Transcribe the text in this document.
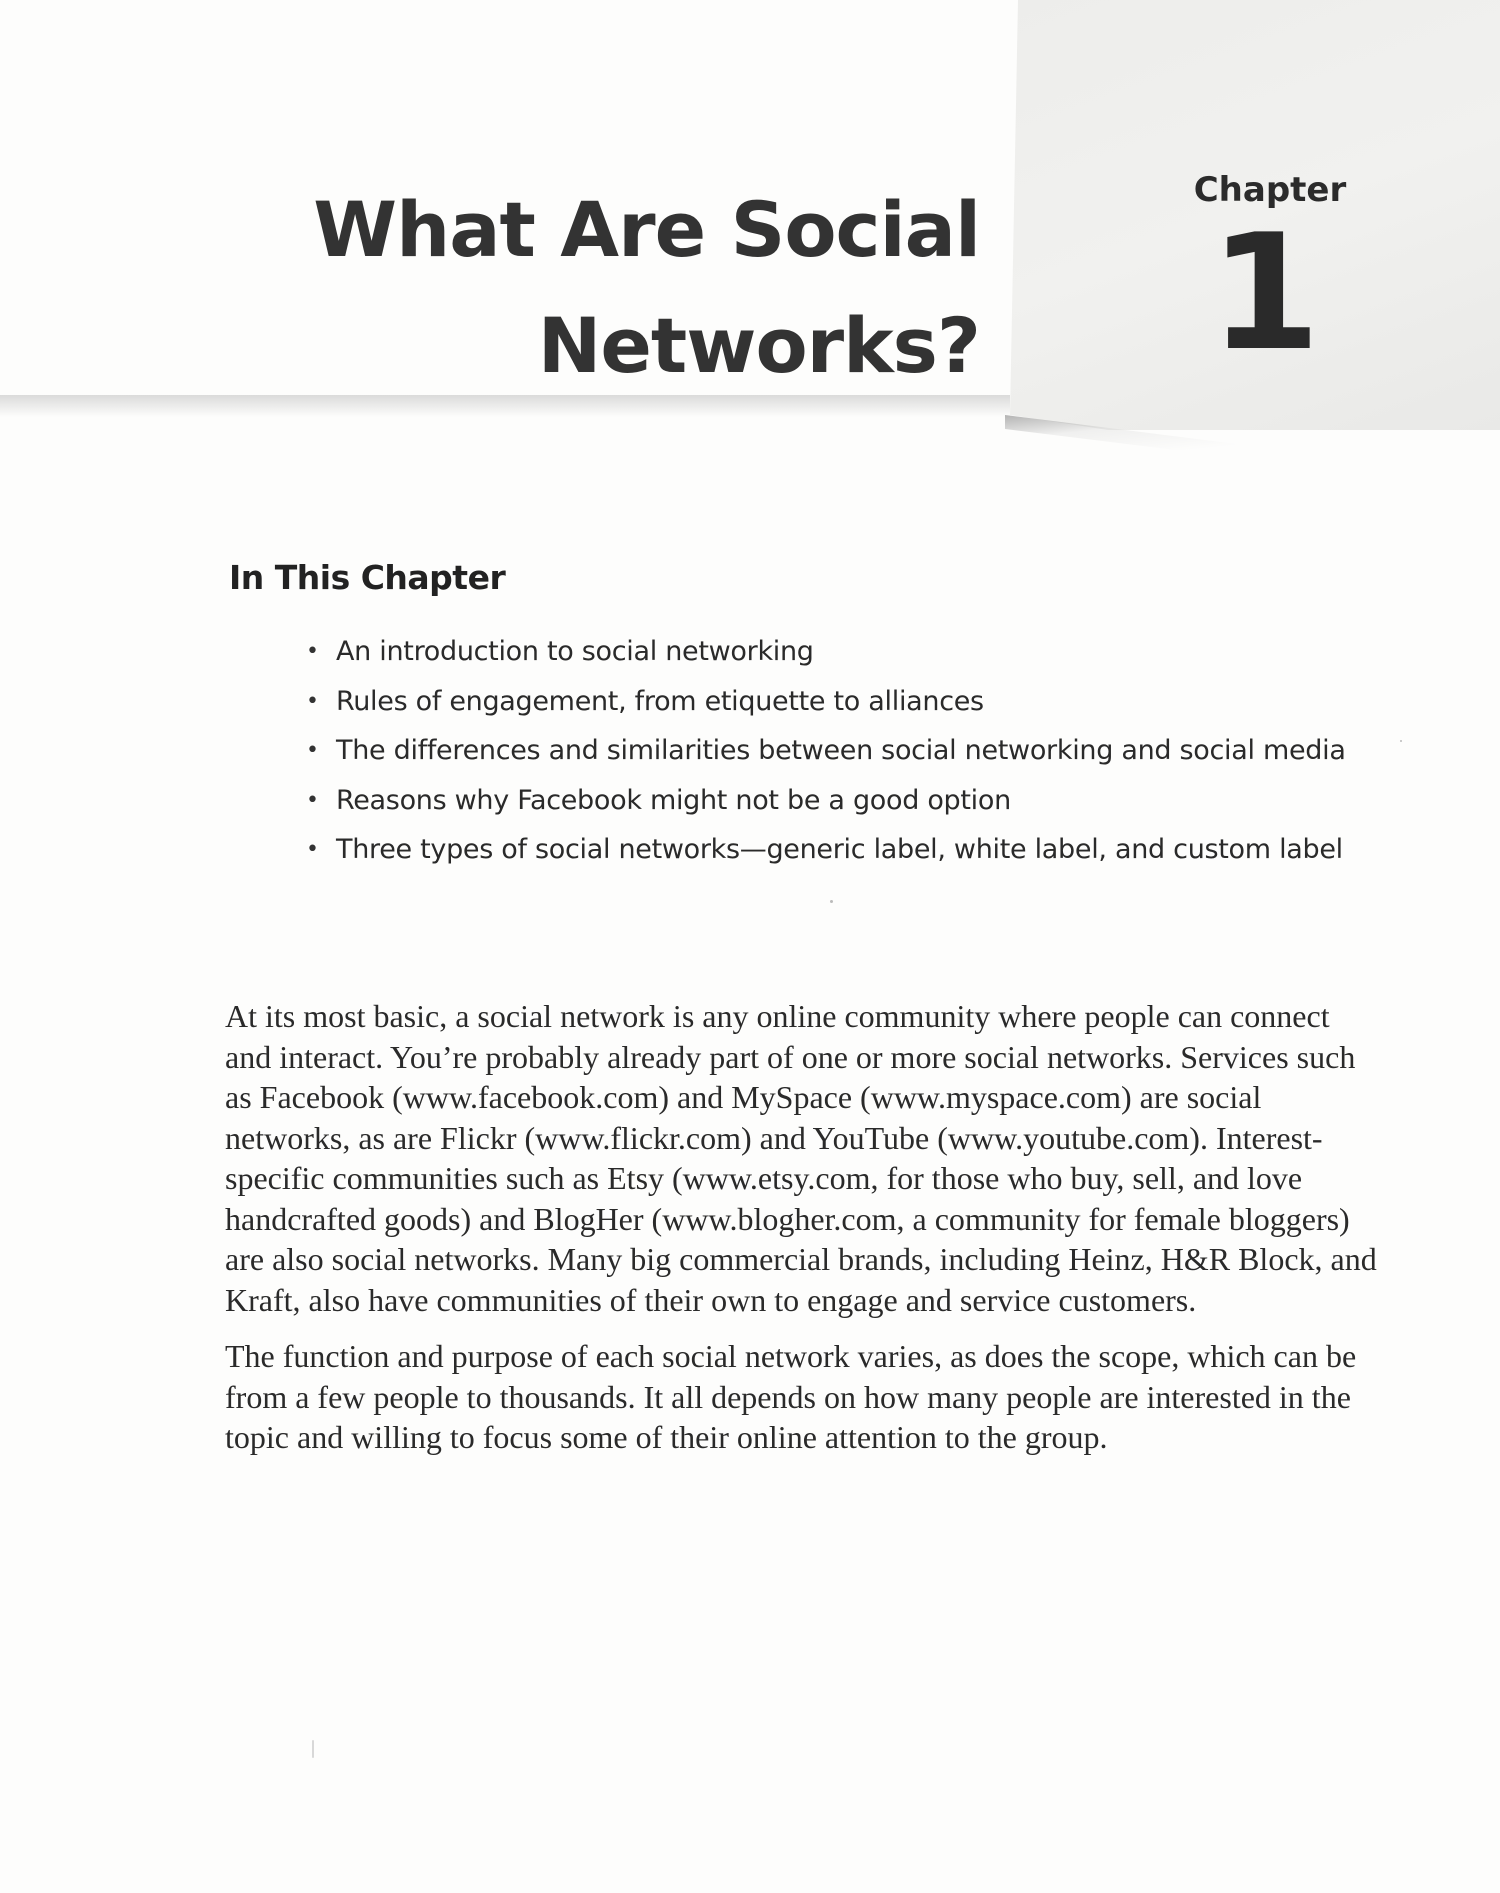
What Are Social
Networks?
Chapter
1
In This Chapter
• An introduction to social networking
• Rules of engagement, from etiquette to alliances
• The differences and similarities between social networking and social media
• Reasons why Facebook might not be a good option
• Three types of social networks—generic label, white label, and custom label

At its most basic, a social network is any online community where people can connect and interact. You’re probably already part of one or more social networks. Services such as Facebook (www.facebook.com) and MySpace (www.myspace.com) are social networks, as are Flickr (www.flickr.com) and YouTube (www.youtube.com). Interest-specific communities such as Etsy (www.etsy.com, for those who buy, sell, and love handcrafted goods) and BlogHer (www.blogher.com, a community for female bloggers) are also social networks. Many big commercial brands, including Heinz, H&R Block, and Kraft, also have communities of their own to engage and service customers.

The function and purpose of each social network varies, as does the scope, which can be from a few people to thousands. It all depends on how many people are interested in the topic and willing to focus some of their online attention to the group.
